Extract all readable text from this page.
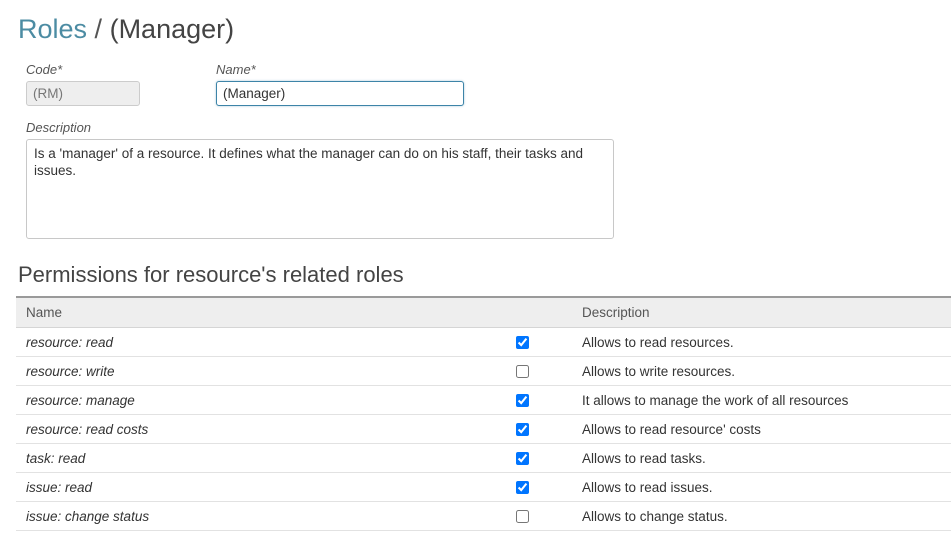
Roles / (Manager)
Code*
(RM)	Name*
(Manager)
Description
Is a 'manager' of a resource. It defines what the manager can do on his staff, their tasks and issues.
Permissions for resource's related roles
Name		Description
resource: read		Allows to read resources.
resource: write		Allows to write resources.
resource: manage		It allows to manage the work of all resources
resource: read costs		Allows to read resource' costs
task: read		Allows to read tasks.
issue: read		Allows to read issues.
issue: change status		Allows to change status.
